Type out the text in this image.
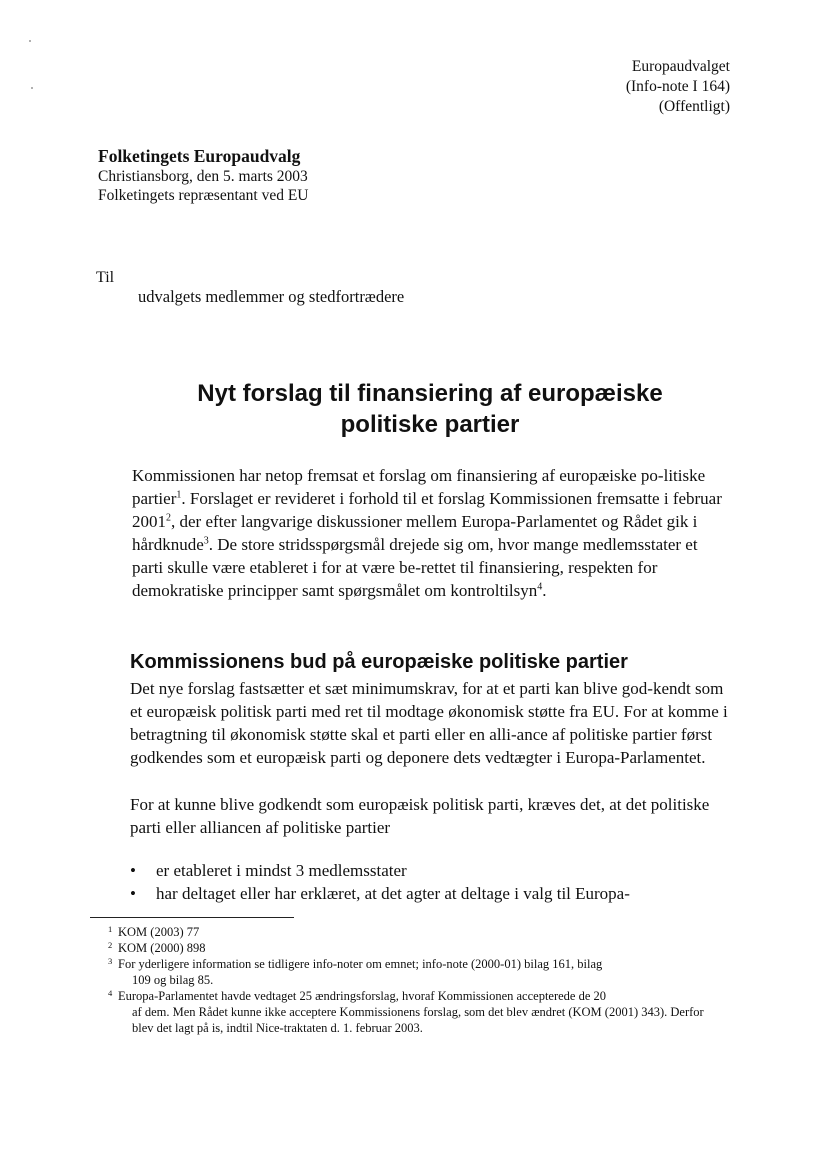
Europaudvalget
(Info-note I 164)
(Offentligt)
Folketingets Europaudvalg
Christiansborg, den 5. marts 2003
Folketingets repræsentant ved EU
Til
udvalgets medlemmer og stedfortrædere
Nyt forslag til finansiering af europæiske
politiske partier
Kommissionen har netop fremsat et forslag om finansiering af europæiske po-litiske partier$^1$. Forslaget er revideret i forhold til et forslag Kommissionen fremsatte i februar 2001$^2$, der efter langvarige diskussioner mellem Europa-Parlamentet og Rådet gik i hårdknude$^3$. De store stridsspørgsmål drejede sig om, hvor mange medlemsstater et parti skulle være etableret i for at være be-rettet til finansiering, respekten for demokratiske principper samt spørgsmålet om kontroltilsyn$^4$.
Kommissionens bud på europæiske politiske partier
Det nye forslag fastsætter et sæt minimumskrav, for at et parti kan blive god-kendt som et europæisk politisk parti med ret til modtage økonomisk støtte fra EU. For at komme i betragtning til økonomisk støtte skal et parti eller en alli-ance af politiske partier først godkendes som et europæisk parti og deponere dets vedtægter i Europa-Parlamentet.
For at kunne blive godkendt som europæisk politisk parti, kræves det, at det politiske parti eller alliancen af politiske partier
• er etableret i mindst 3 medlemsstater
• har deltaget eller har erklæret, at det agter at deltage i valg til Europa-
1 KOM (2003) 77
2 KOM (2000) 898
3 For yderligere information se tidligere info-noter om emnet; info-note (2000-01) bilag 161, bilag
109 og bilag 85.
4 Europa-Parlamentet havde vedtaget 25 ændringsforslag, hvoraf Kommissionen accepterede de 20
af dem. Men Rådet kunne ikke acceptere Kommissionens forslag, som det blev ændret (KOM (2001) 343). Derfor blev det lagt på is, indtil Nice-traktaten d. 1. februar 2003.
